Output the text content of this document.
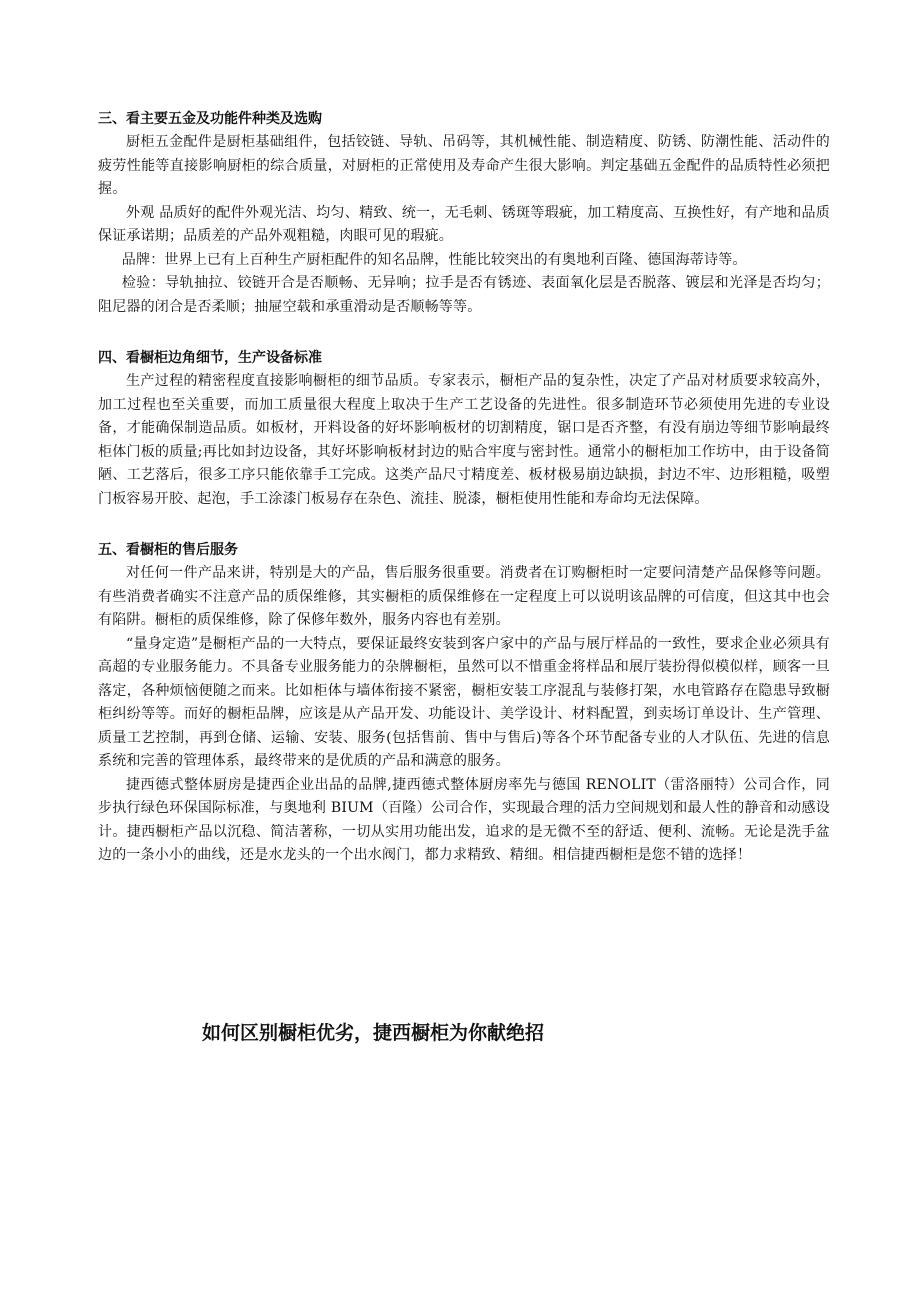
三、看主要五金及功能件种类及选购

厨柜五金配件是厨柜基础组件，包括铰链、导轨、吊码等，其机械性能、制造精度、防锈、防潮性能、活动件的疲劳性能等直接影响厨柜的综合质量，对厨柜的正常使用及寿命产生很大影响。判定基础五金配件的品质特性必须把握。

外观 品质好的配件外观光洁、均匀、精致、统一，无毛刺、锈斑等瑕疵，加工精度高、互换性好，有产地和品质保证承诺期；品质差的产品外观粗糙，肉眼可见的瑕疵。

品牌：世界上已有上百种生产厨柜配件的知名品牌，性能比较突出的有奥地利百隆、德国海蒂诗等。

检验：导轨抽拉、铰链开合是否顺畅、无异响；拉手是否有锈迹、表面氧化层是否脱落、镀层和光泽是否均匀；阻尼器的闭合是否柔顺；抽屉空载和承重滑动是否顺畅等等。

四、看橱柜边角细节，生产设备标准

生产过程的精密程度直接影响橱柜的细节品质。专家表示，橱柜产品的复杂性，决定了产品对材质要求较高外，加工过程也至关重要，而加工质量很大程度上取决于生产工艺设备的先进性。很多制造环节必须使用先进的专业设备，才能确保制造品质。如板材，开料设备的好坏影响板材的切割精度，锯口是否齐整，有没有崩边等细节影响最终柜体门板的质量;再比如封边设备，其好坏影响板材封边的贴合牢度与密封性。通常小的橱柜加工作坊中，由于设备简陋、工艺落后，很多工序只能依靠手工完成。这类产品尺寸精度差、板材极易崩边缺损，封边不牢、边形粗糙，吸塑门板容易开胶、起泡，手工涂漆门板易存在杂色、流挂、脱漆，橱柜使用性能和寿命均无法保障。

五、看橱柜的售后服务

对任何一件产品来讲，特别是大的产品，售后服务很重要。消费者在订购橱柜时一定要问清楚产品保修等问题。有些消费者确实不注意产品的质保维修，其实橱柜的质保维修在一定程度上可以说明该品牌的可信度，但这其中也会有陷阱。橱柜的质保维修，除了保修年数外，服务内容也有差别。

“量身定造”是橱柜产品的一大特点，要保证最终安装到客户家中的产品与展厅样品的一致性，要求企业必须具有高超的专业服务能力。不具备专业服务能力的杂牌橱柜，虽然可以不惜重金将样品和展厅装扮得似模似样，顾客一旦落定，各种烦恼便随之而来。比如柜体与墙体衔接不紧密，橱柜安装工序混乱与装修打架，水电管路存在隐患导致橱柜纠纷等等。而好的橱柜品牌，应该是从产品开发、功能设计、美学设计、材料配置，到卖场订单设计、生产管理、质量工艺控制，再到仓储、运输、安装、服务(包括售前、售中与售后)等各个环节配备专业的人才队伍、先进的信息系统和完善的管理体系，最终带来的是优质的产品和满意的服务。

捷西德式整体厨房是捷西企业出品的品牌,捷西德式整体厨房率先与德国 RENOLIT（雷洛丽特）公司合作，同步执行绿色环保国际标准，与奥地利 BIUM（百隆）公司合作，实现最合理的活力空间规划和最人性的静音和动感设计。捷西橱柜产品以沉稳、简洁著称，一切从实用功能出发，追求的是无微不至的舒适、便利、流畅。无论是洗手盆边的一条小小的曲线，还是水龙头的一个出水阀门，都力求精致、精细。相信捷西橱柜是您不错的选择！

如何区别橱柜优劣，捷西橱柜为你献绝招
